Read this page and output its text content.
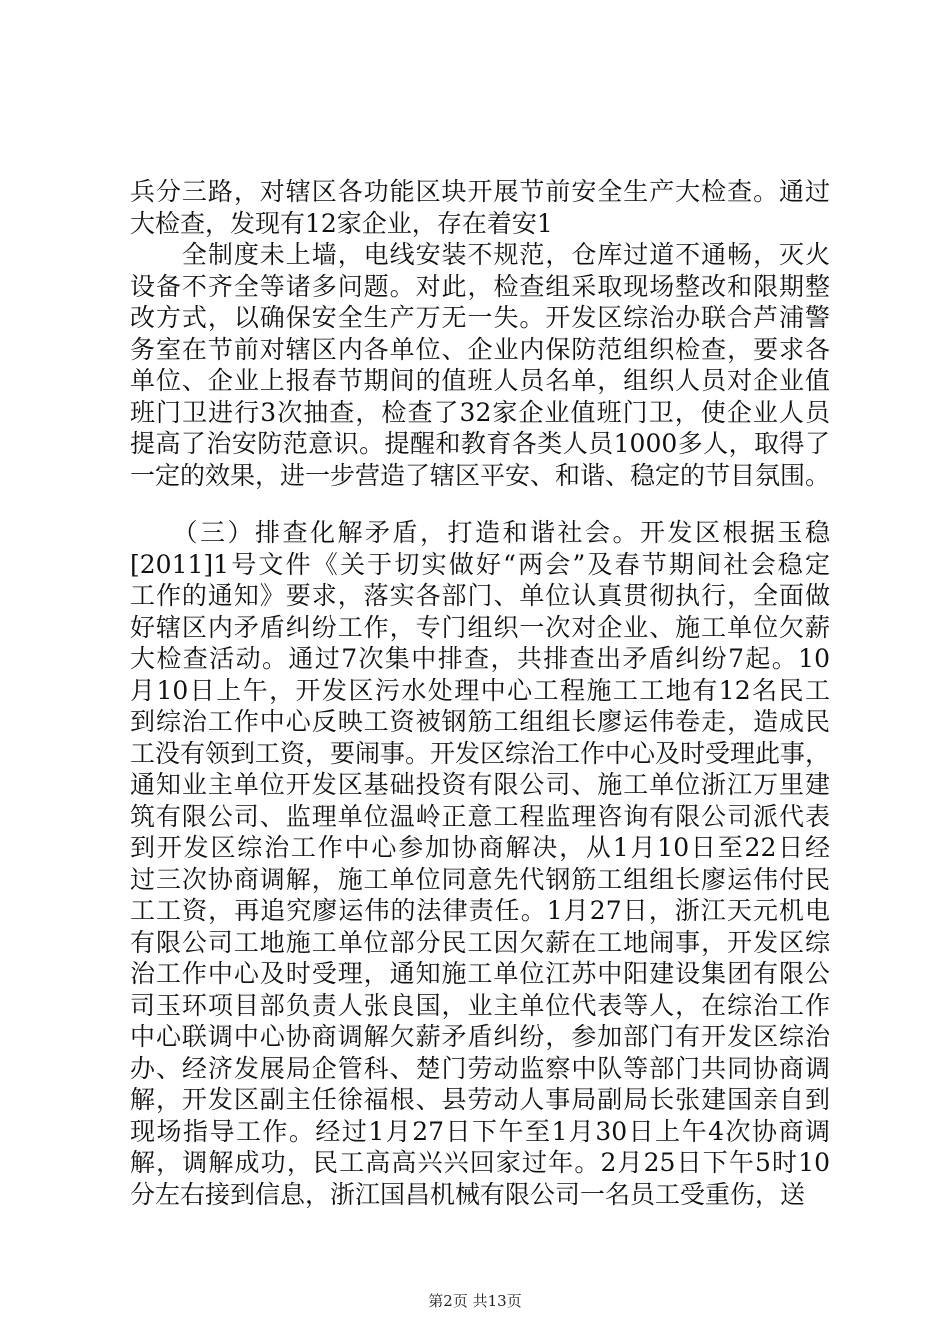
兵分三路，对辖区各功能区块开展节前安全生产大检查。通过
大检查，发现有12家企业，存在着安1
　　全制度未上墙，电线安装不规范，仓库过道不通畅，灭火
设备不齐全等诸多问题。对此，检查组采取现场整改和限期整
改方式，以确保安全生产万无一失。开发区综治办联合芦浦警
务室在节前对辖区内各单位、企业内保防范组织检查，要求各
单位、企业上报春节期间的值班人员名单，组织人员对企业值
班门卫进行3次抽查，检查了32家企业值班门卫，使企业人员
提高了治安防范意识。提醒和教育各类人员1000多人，取得了
一定的效果，进一步营造了辖区平安、和谐、稳定的节目氛围。
　　（三）排查化解矛盾，打造和谐社会。开发区根据玉稳
[2011]1号文件《关于切实做好“两会”及春节期间社会稳定
工作的通知》要求，落实各部门、单位认真贯彻执行，全面做
好辖区内矛盾纠纷工作，专门组织一次对企业、施工单位欠薪
大检查活动。通过7次集中排查，共排查出矛盾纠纷7起。10
月10日上午，开发区污水处理中心工程施工工地有12名民工
到综治工作中心反映工资被钢筋工组组长廖运伟卷走，造成民
工没有领到工资，要闹事。开发区综治工作中心及时受理此事，
通知业主单位开发区基础投资有限公司、施工单位浙江万里建
筑有限公司、监理单位温岭正意工程监理咨询有限公司派代表
到开发区综治工作中心参加协商解决，从1月10日至22日经
过三次协商调解，施工单位同意先代钢筋工组组长廖运伟付民
工工资，再追究廖运伟的法律责任。1月27日，浙江天元机电
有限公司工地施工单位部分民工因欠薪在工地闹事，开发区综
治工作中心及时受理，通知施工单位江苏中阳建设集团有限公
司玉环项目部负责人张良国，业主单位代表等人，在综治工作
中心联调中心协商调解欠薪矛盾纠纷，参加部门有开发区综治
办、经济发展局企管科、楚门劳动监察中队等部门共同协商调
解，开发区副主任徐福根、县劳动人事局副局长张建国亲自到
现场指导工作。经过1月27日下午至1月30日上午4次协商调
解，调解成功，民工高高兴兴回家过年。2月25日下午5时10
分左右接到信息，浙江国昌机械有限公司一名员工受重伤，送
第2页 共13页
